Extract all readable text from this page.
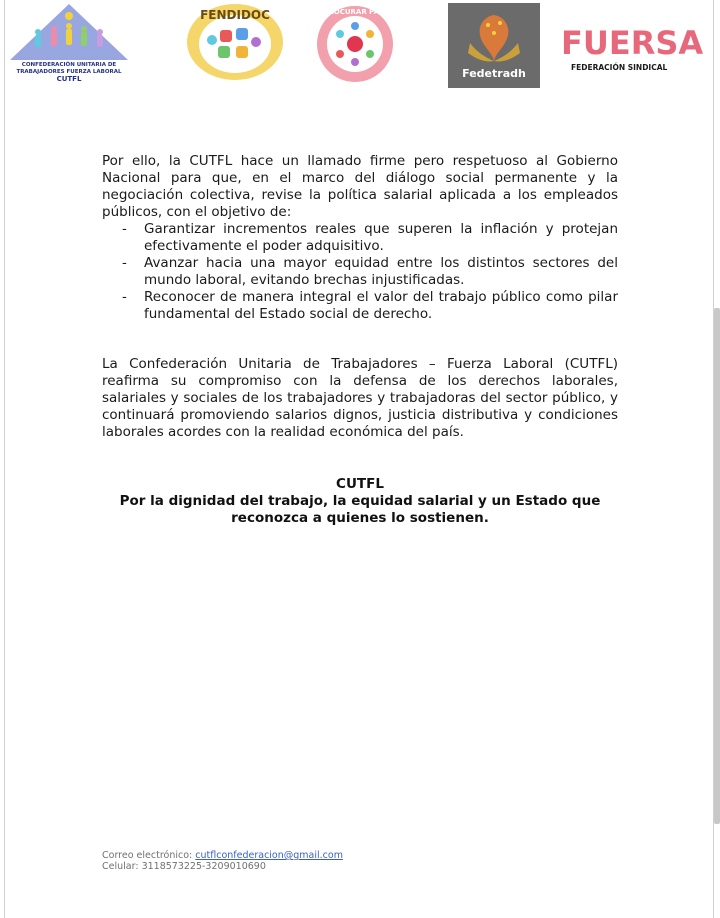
CONFEDERACIÓN UNITARIA DE
TRABAJADORES FUERZA LABORAL
CUTFL
FENDIDOC	PROCURAR PAIS
Fedetradh
FUERSA
FEDERACIÓN SINDICAL

Por ello, la CUTFL hace un llamado firme pero respetuoso al Gobierno Nacional para que, en el marco del diálogo social permanente y la negociación colectiva, revise la política salarial aplicada a los empleados públicos, con el objetivo de:

- Garantizar incrementos reales que superen la inflación y protejan efectivamente el poder adquisitivo.
- Avanzar hacia una mayor equidad entre los distintos sectores del mundo laboral, evitando brechas injustificadas.
- Reconocer de manera integral el valor del trabajo público como pilar fundamental del Estado social de derecho.

La Confederación Unitaria de Trabajadores – Fuerza Laboral (CUTFL) reafirma su compromiso con la defensa de los derechos laborales, salariales y sociales de los trabajadores y trabajadoras del sector público, y continuará promoviendo salarios dignos, justicia distributiva y condiciones laborales acordes con la realidad económica del país.

CUTFL
Por la dignidad del trabajo, la equidad salarial y un Estado que
reconozca a quienes lo sostienen.
Correo electrónico: cutflconfederacion@gmail.com
Celular: 3118573225-3209010690
